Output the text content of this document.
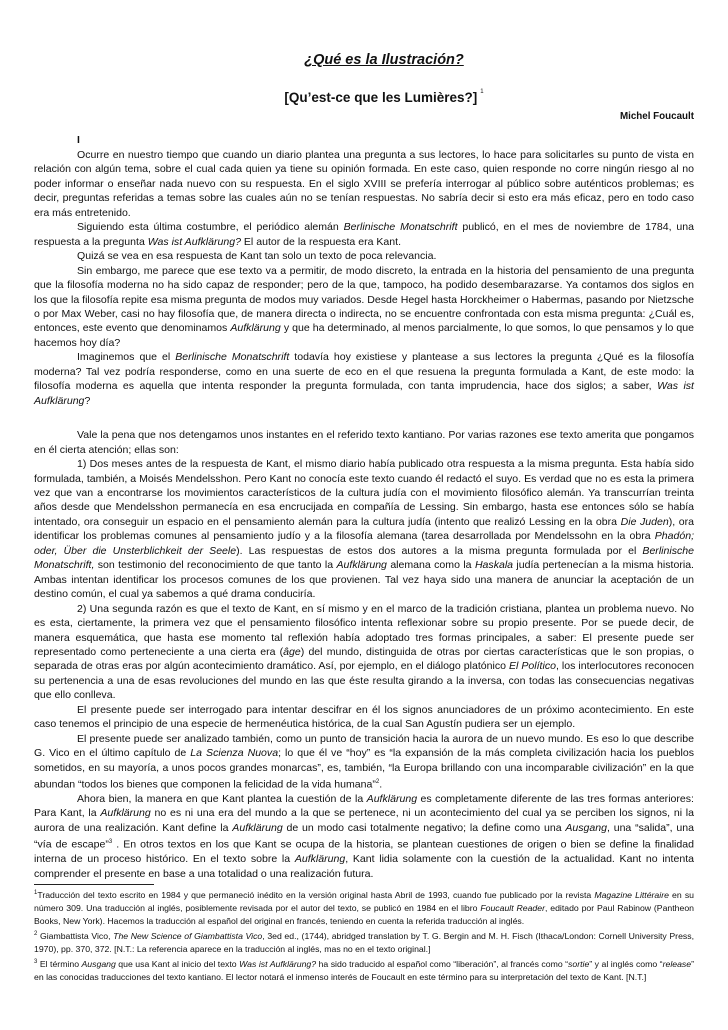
¿Qué es la Ilustración?
[Qu’est-ce que les Lumières?] $^1$
Michel Foucault
I

Ocurre en nuestro tiempo que cuando un diario plantea una pregunta a sus lectores, lo hace para solicitarles su punto de vista en relación con algún tema, sobre el cual cada quien ya tiene su opinión formada. En este caso, quien responde no corre ningún riesgo al no poder informar o enseñar nada nuevo con su respuesta. En el siglo XVIII se prefería interrogar al público sobre auténticos problemas; es decir, preguntas referidas a temas sobre las cuales aún no se tenían respuestas. No sabría decir si esto era más eficaz, pero en todo caso era más entretenido.

Siguiendo esta última costumbre, el periódico alemán Berlinische Monatschrift publicó, en el mes de noviembre de 1784, una respuesta a la pregunta Was ist Aufklärung? El autor de la respuesta era Kant.

Quizá se vea en esa respuesta de Kant tan solo un texto de poca relevancia.

Sin embargo, me parece que ese texto va a permitir, de modo discreto, la entrada en la historia del pensamiento de una pregunta que la filosofía moderna no ha sido capaz de responder; pero de la que, tampoco, ha podido desembarazarse. Ya contamos dos siglos en los que la filosofía repite esa misma pregunta de modos muy variados. Desde Hegel hasta Horckheimer o Habermas, pasando por Nietzsche o por Max Weber, casi no hay filosofía que, de manera directa o indirecta, no se encuentre confrontada con esta misma pregunta: ¿Cuál es, entonces, este evento que denominamos Aufklärung y que ha determinado, al menos parcialmente, lo que somos, lo que pensamos y lo que hacemos hoy día?

Imaginemos que el Berlinische Monatschrift todavía hoy existiese y plantease a sus lectores la pregunta ¿Qué es la filosofía moderna? Tal vez podría responderse, como en una suerte de eco en el que resuena la pregunta formulada a Kant, de este modo: la filosofía moderna es aquella que intenta responder la pregunta formulada, con tanta imprudencia, hace dos siglos; a saber, Was ist Aufklärung?

Vale la pena que nos detengamos unos instantes en el referido texto kantiano. Por varias razones ese texto amerita que pongamos en él cierta atención; ellas son:

1) Dos meses antes de la respuesta de Kant, el mismo diario había publicado otra respuesta a la misma pregunta. Esta había sido formulada, también, a Moisés Mendelsshon. Pero Kant no conocía este texto cuando él redactó el suyo. Es verdad que no es esta la primera vez que van a encontrarse los movimientos característicos de la cultura judía con el movimiento filosófico alemán. Ya transcurrían treinta años desde que Mendelsshon permanecía en esa encrucijada en compañía de Lessing. Sin embargo, hasta ese entonces sólo se había intentado, ora conseguir un espacio en el pensamiento alemán para la cultura judía (intento que realizó Lessing en la obra Die Juden), ora identificar los problemas comunes al pensamiento judío y a la filosofía alemana (tarea desarrollada por Mendelssohn en la obra Phadón; oder, Über die Unsterblichkeit der Seele). Las respuestas de estos dos autores a la misma pregunta formulada por el Berlinische Monatschrift, son testimonio del reconocimiento de que tanto la Aufklärung alemana como la Haskala judía pertenecían a la misma historia. Ambas intentan identificar los procesos comunes de los que provienen. Tal vez haya sido una manera de anunciar la aceptación de un destino común, el cual ya sabemos a qué drama conduciría.

2) Una segunda razón es que el texto de Kant, en sí mismo y en el marco de la tradición cristiana, plantea un problema nuevo. No es esta, ciertamente, la primera vez que el pensamiento filosófico intenta reflexionar sobre su propio presente. Por se puede decir, de manera esquemática, que hasta ese momento tal reflexión había adoptado tres formas principales, a saber: El presente puede ser representado como perteneciente a una cierta era (âge) del mundo, distinguida de otras por ciertas características que le son propias, o separada de otras eras por algún acontecimiento dramático. Así, por ejemplo, en el diálogo platónico El Político, los interlocutores reconocen su pertenencia a una de esas revoluciones del mundo en las que éste resulta girando a la inversa, con todas las consecuencias negativas que ello conlleva.

El presente puede ser interrogado para intentar descifrar en él los signos anunciadores de un próximo acontecimiento. En este caso tenemos el principio de una especie de hermenéutica histórica, de la cual San Agustín pudiera ser un ejemplo.

El presente puede ser analizado también, como un punto de transición hacia la aurora de un nuevo mundo. Es eso lo que describe G. Vico en el último capítulo de La Scienza Nuova; lo que él ve “hoy” es “la expansión de la más completa civilización hacia los pueblos sometidos, en su mayoría, a unos pocos grandes monarcas”, es, también, “la Europa brillando con una incomparable civilización” en la que abundan “todos los bienes que componen la felicidad de la vida humana”$^2$.

Ahora bien, la manera en que Kant plantea la cuestión de la Aufklärung es completamente diferente de las tres formas anteriores: Para Kant, la Aufklärung no es ni una era del mundo a la que se pertenece, ni un acontecimiento del cual ya se perciben los signos, ni la aurora de una realización. Kant define la Aufklärung de un modo casi totalmente negativo; la define como una Ausgang, una “salida”, una “vía de escape”$^3$ . En otros textos en los que Kant se ocupa de la historia, se plantean cuestiones de origen o bien se define la finalidad interna de un proceso histórico. En el texto sobre la Aufklärung, Kant lidia solamente con la cuestión de la actualidad. Kant no intenta comprender el presente en base a una totalidad o una realización futura.

$^1$Traducción del texto escrito en 1984 y que permaneció inédito en la versión original hasta Abril de 1993, cuando fue publicado por la revista Magazine Littéraire en su número 309. Una traducción al inglés, posiblemente revisada por el autor del texto, se publicó en 1984 en el libro Foucault Reader, editado por Paul Rabinow (Pantheon Books, New York). Hacemos la traducción al español del original en francés, teniendo en cuenta la referida traducción al inglés.

$^2$ Giambattista Vico, The New Science of Giambattista Vico, 3ed ed., (1744), abridged translation by T. G. Bergin and M. H. Fisch (Ithaca/London: Cornell University Press, 1970), pp. 370, 372. [N.T.: La referencia aparece en la traducción al inglés, mas no en el texto original.]

$^3$ El término Ausgang que usa Kant al inicio del texto Was ist Aufklärung? ha sido traducido al español como “liberación”, al francés como “sortie” y al inglés como “release” en las conocidas traducciones del texto kantiano. El lector notará el inmenso interés de Foucault en este término para su interpretación del texto de Kant. [N.T.]
